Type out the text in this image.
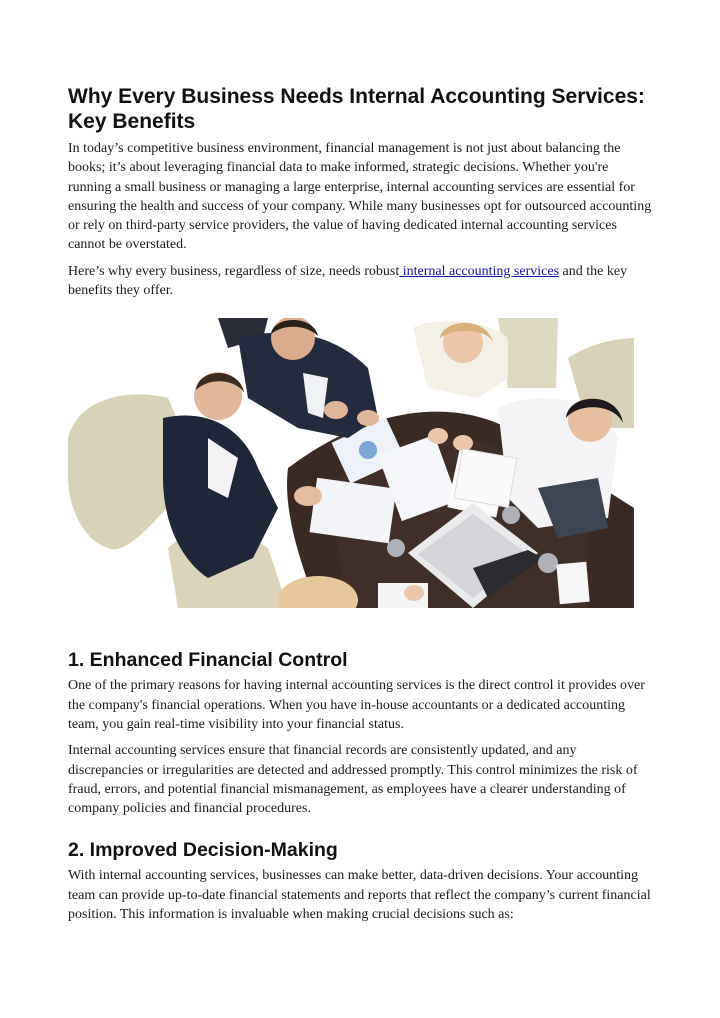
Why Every Business Needs Internal Accounting Services: Key Benefits

In today’s competitive business environment, financial management is not just about balancing the books; it’s about leveraging financial data to make informed, strategic decisions. Whether you're running a small business or managing a large enterprise, internal accounting services are essential for ensuring the health and success of your company. While many businesses opt for outsourced accounting or rely on third-party service providers, the value of having dedicated internal accounting services cannot be overstated.

Here’s why every business, regardless of size, needs robust internal accounting services and the key benefits they offer.

1. Enhanced Financial Control

One of the primary reasons for having internal accounting services is the direct control it provides over the company's financial operations. When you have in-house accountants or a dedicated accounting team, you gain real-time visibility into your financial status.

Internal accounting services ensure that financial records are consistently updated, and any discrepancies or irregularities are detected and addressed promptly. This control minimizes the risk of fraud, errors, and potential financial mismanagement, as employees have a clearer understanding of company policies and financial procedures.

2. Improved Decision-Making

With internal accounting services, businesses can make better, data-driven decisions. Your accounting team can provide up-to-date financial statements and reports that reflect the company’s current financial position. This information is invaluable when making crucial decisions such as:
